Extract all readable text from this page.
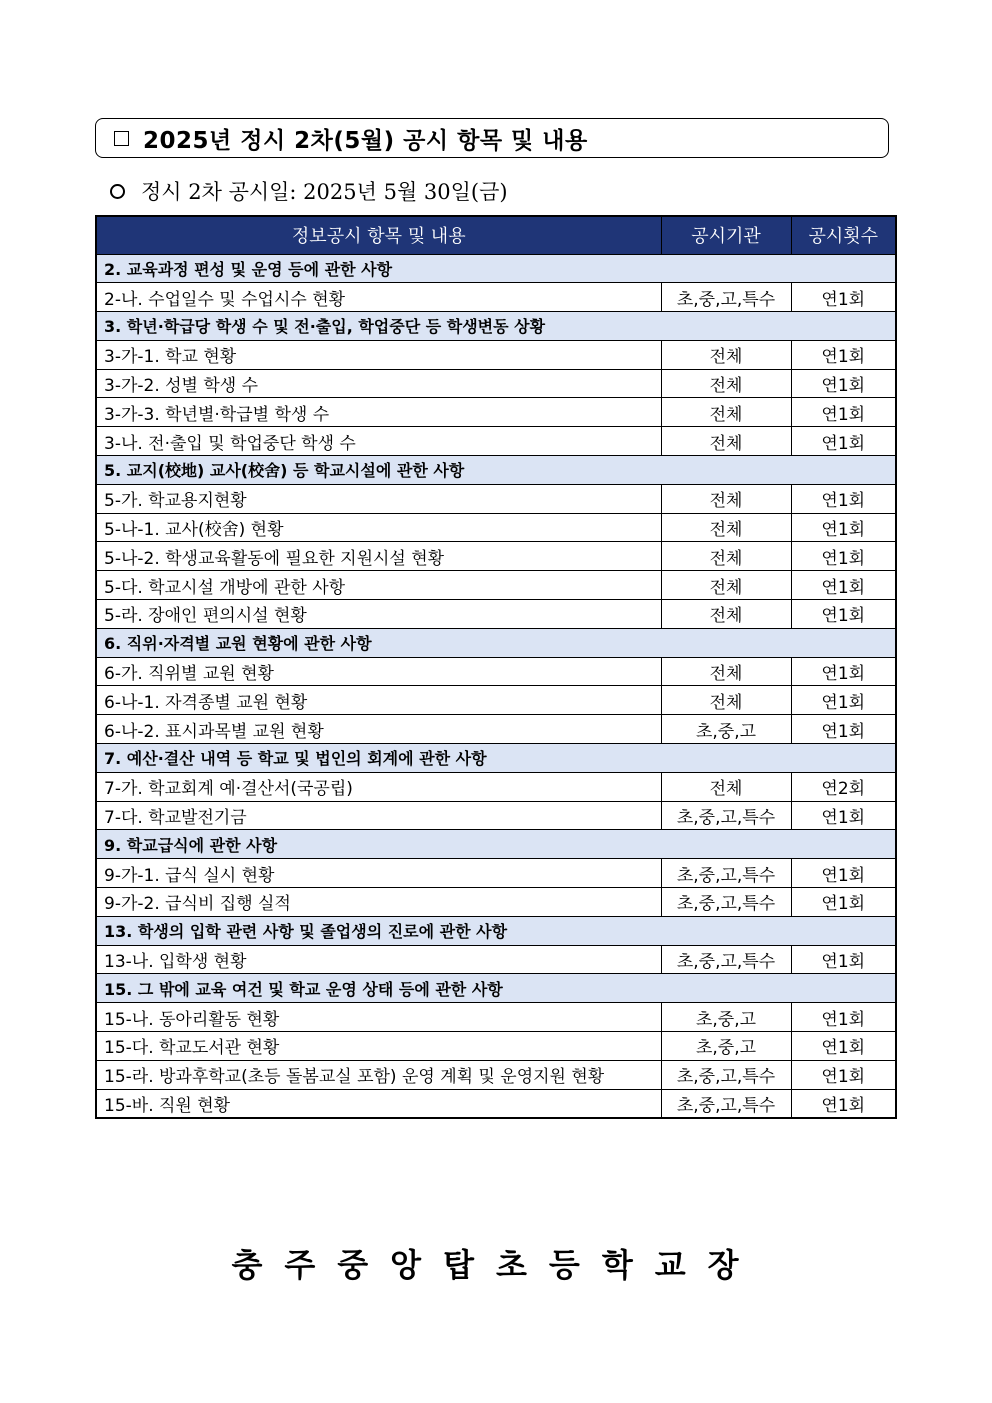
2025년 정시 2차(5월) 공시 항목 및 내용
정시 2차 공시일: 2025년 5월 30일(금)
정보공시 항목 및 내용	공시기관	공시횟수
2. 교육과정 편성 및 운영 등에 관한 사항		
2-나. 수업일수 및 수업시수 현황	초,중,고,특수	연1회
3. 학년·학급당 학생 수 및 전·출입, 학업중단 등 학생변동 상황		
3-가-1. 학교 현황	전체	연1회
3-가-2. 성별 학생 수	전체	연1회
3-가-3. 학년별·학급별 학생 수	전체	연1회
3-나. 전·출입 및 학업중단 학생 수	전체	연1회
5. 교지(校地) 교사(校舍) 등 학교시설에 관한 사항		
5-가. 학교용지현황	전체	연1회
5-나-1. 교사(校舍) 현황	전체	연1회
5-나-2. 학생교육활동에 필요한 지원시설 현황	전체	연1회
5-다. 학교시설 개방에 관한 사항	전체	연1회
5-라. 장애인 편의시설 현황	전체	연1회
6. 직위·자격별 교원 현황에 관한 사항		
6-가. 직위별 교원 현황	전체	연1회
6-나-1. 자격종별 교원 현황	전체	연1회
6-나-2. 표시과목별 교원 현황	초,중,고	연1회
7. 예산·결산 내역 등 학교 및 법인의 회계에 관한 사항		
7-가. 학교회계 예·결산서(국공립)	전체	연2회
7-다. 학교발전기금	초,중,고,특수	연1회
9. 학교급식에 관한 사항		
9-가-1. 급식 실시 현황	초,중,고,특수	연1회
9-가-2. 급식비 집행 실적	초,중,고,특수	연1회
13. 학생의 입학 관련 사항 및 졸업생의 진로에 관한 사항		
13-나. 입학생 현황	초,중,고,특수	연1회
15. 그 밖에 교육 여건 및 학교 운영 상태 등에 관한 사항		
15-나. 동아리활동 현황	초,중,고	연1회
15-다. 학교도서관 현황	초,중,고	연1회
15-라. 방과후학교(초등 돌봄교실 포함) 운영 계획 및 운영지원 현황	초,중,고,특수	연1회
15-바. 직원 현황	초,중,고,특수	연1회
충주중앙탑초등학교장
